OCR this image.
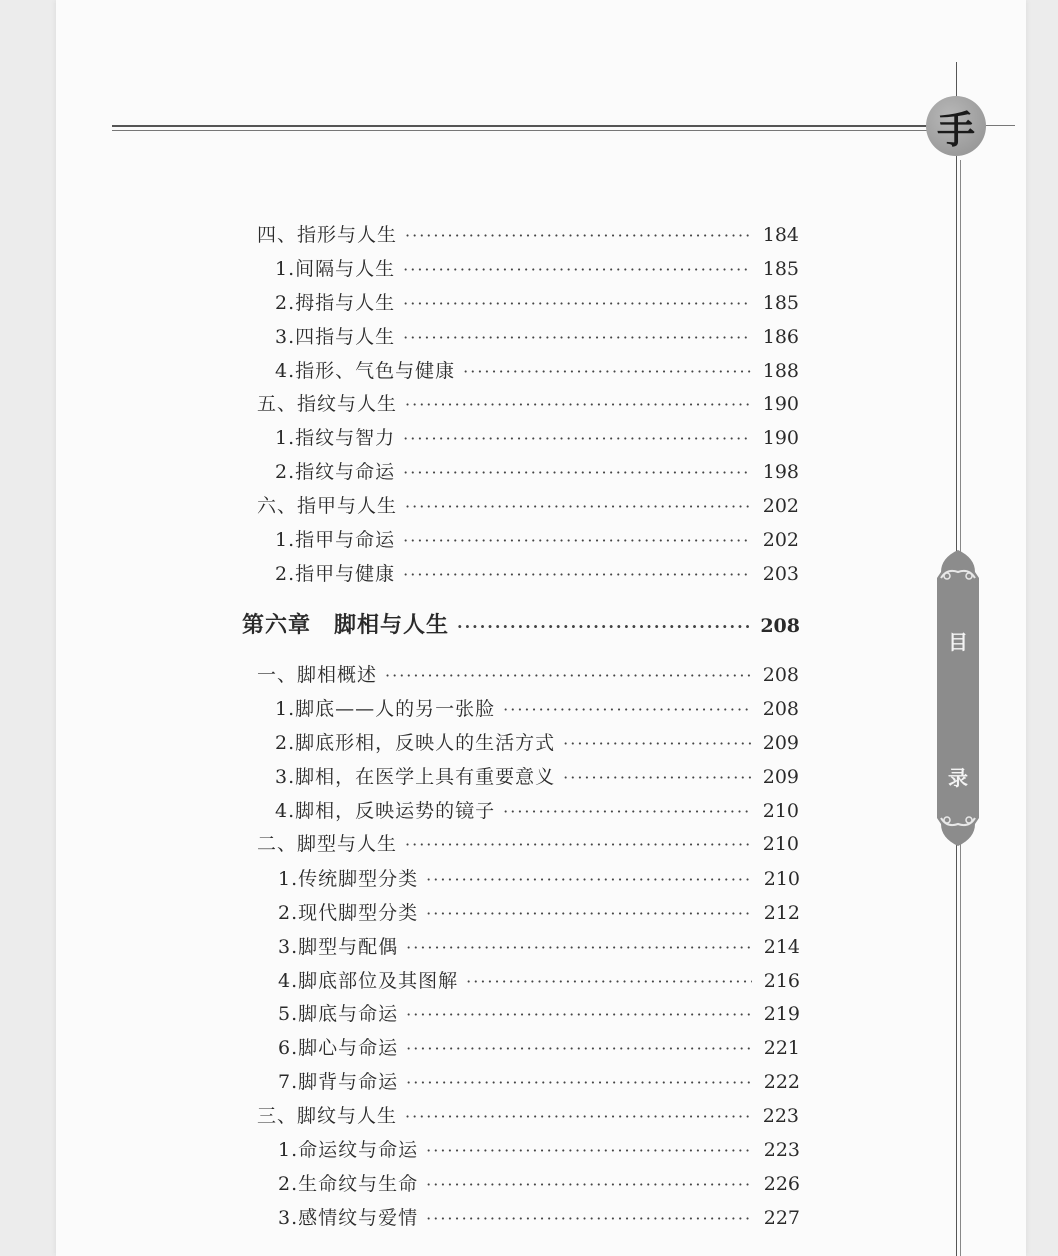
手
目
录
四、指形与人生 ·····	184
1.间隔与人生 ·····	185
2.拇指与人生 ·····	185
3.四指与人生 ·····	186
4.指形、气色与健康 ·····	188
五、指纹与人生 ·····	190
1.指纹与智力 ·····	190
2.指纹与命运 ·····	198
六、指甲与人生 ·····	202
1.指甲与命运 ·····	202
2.指甲与健康 ·····	203
第六章　脚相与人生 ·····	208
一、脚相概述 ·····	208
1.脚底——人的另一张脸 ·····	208
2.脚底形相，反映人的生活方式 ·····	209
3.脚相，在医学上具有重要意义 ·····	209
4.脚相，反映运势的镜子 ·····	210
二、脚型与人生 ·····	210
1.传统脚型分类 ·····	210
2.现代脚型分类 ·····	212
3.脚型与配偶 ·····	214
4.脚底部位及其图解 ·····	216
5.脚底与命运 ·····	219
6.脚心与命运 ·····	221
7.脚背与命运 ·····	222
三、脚纹与人生 ·····	223
1.命运纹与命运 ·····	223
2.生命纹与生命 ·····	226
3.感情纹与爱情 ·····	227
